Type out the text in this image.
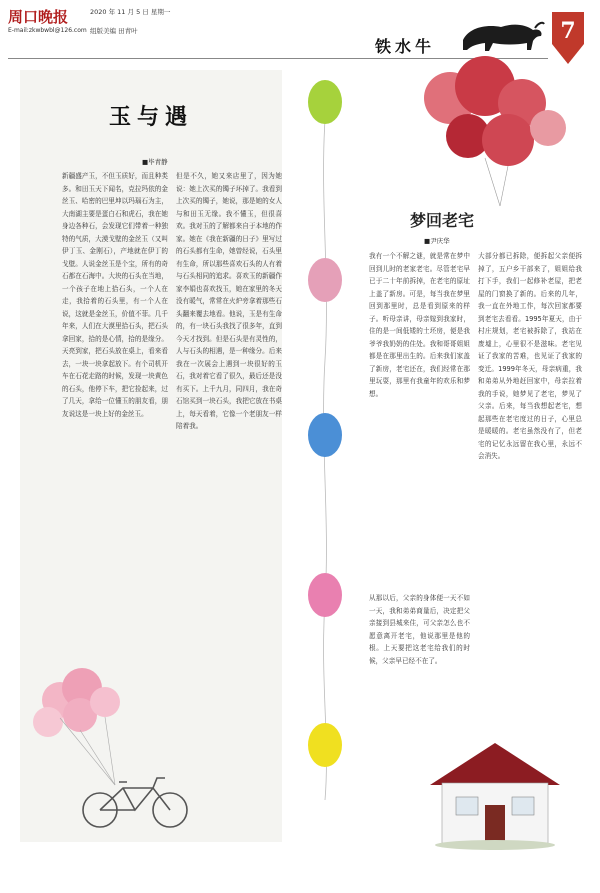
周口晚报	2020 年 11 月 5 日 星期一
E-mail:zkwbwbl@126.com 组版美编 田青叶
铁水牛
7
玉与遇
■毕青静
新疆盛产玉，不但玉质好，而且种类多。和田玉天下闻名，克拉玛依的金丝玉、哈密的巴里坤以玛瑙石为主，大南湖主要是蛋白石和虎石，我在她身边各种石，会发现它们带着一种独特的气质，大漠戈壁的金丝玉（又叫伊丁玉、金刚石），产地就在伊丁的戈壁。人说金丝玉是个宝，所有的奇石都在石海中。大块的石头在当地，一个孩子在地上拾石头，一个人在走，我拾着的石头里，有一个人在说，这就是金丝玉，价值不菲。几千年来，人们在大漠里拾石头，把石头拿回家，拾的是心情，拾的是缘分。天亮到家，把石头放在桌上，看来看去，一块一块拿起放下。有个司机开车在石花走路的时候，发现一块黄色的石头，他停下车，把它捡起来，过了几天，拿给一位懂玉的朋友看，朋友说这是一块上好的金丝玉。
但是不久，她又来店里了，因为她说：她上次买的镯子坏掉了。我看到上次买的镯子，她说，那是她的女人与和田玉无缘。我不懂玉，但很喜欢。我对玉的了解都来自于本地的作家。她在《我在新疆的日子》里写过的石头都有生命，她曾经说，石头里有生命，所以那些喜欢石头的人有着与石头相同的追求。喜欢玉的新疆作家李娟也喜欢找玉，她在家里的冬天没有暖气，常常在火炉旁拿着那些石头翻来覆去地看。他说，玉是有生命的，有一块石头我找了很多年，直到今天才找到。但是石头是有灵性的，人与石头的相遇，是一种缘分。后来我在一次展会上遇到一块很好的玉石，我对着它看了很久，最后还是没有买下。上千九月，同四月，我在奇石馆买到一块石头，我把它放在书桌上，每天看着，它像一个老朋友一样陪着我。
梦回老宅
■尹庆华
我有一个不解之谜，就是常在梦中回到儿时的老家老宅。尽管老宅早已于二十年前拆掉，在老宅的原址上盖了新房。可是，每当我在梦里回到那里时，总是看到原来的样子。听母亲讲，母亲嫁到我家时，住的是一间低矮的土坯房，便是我爷爷我奶奶的住处。我和哥哥姐姐都是在那里出生的。后来我们家盖了新房，老宅还在，我们经常在那里玩耍，那里有我童年的欢乐和梦想。
从那以后，父亲的身体便一天不如一天，我和弟弟商量后，决定把父亲接到县城来住，可父亲怎么也不愿意离开老宅，他说那里是他的根。上天要把这老宅给我们的时候，父亲早已经不在了。
大部分都已拆除，便拆起父亲便拆掉了，五户乡干部来了，姐姐给我打下手，我们一起修补老屋，把老屋的门窗换了新的。后来的几年，我一直在外地工作，每次回家都要到老宅去看看。1995年夏天，由于村庄规划，老宅被拆除了，我站在废墟上，心里很不是滋味。老宅见证了我家的苦难，也见证了我家的变迁。1999年冬天，母亲病重，我和弟弟从外地赶回家中，母亲拉着我的手说，她梦见了老宅，梦见了父亲。后来，每当我想起老宅，想起那些在老宅度过的日子，心里总是暖暖的。老宅虽然没有了，但老宅的记忆永远留在我心里，永远不会消失。
